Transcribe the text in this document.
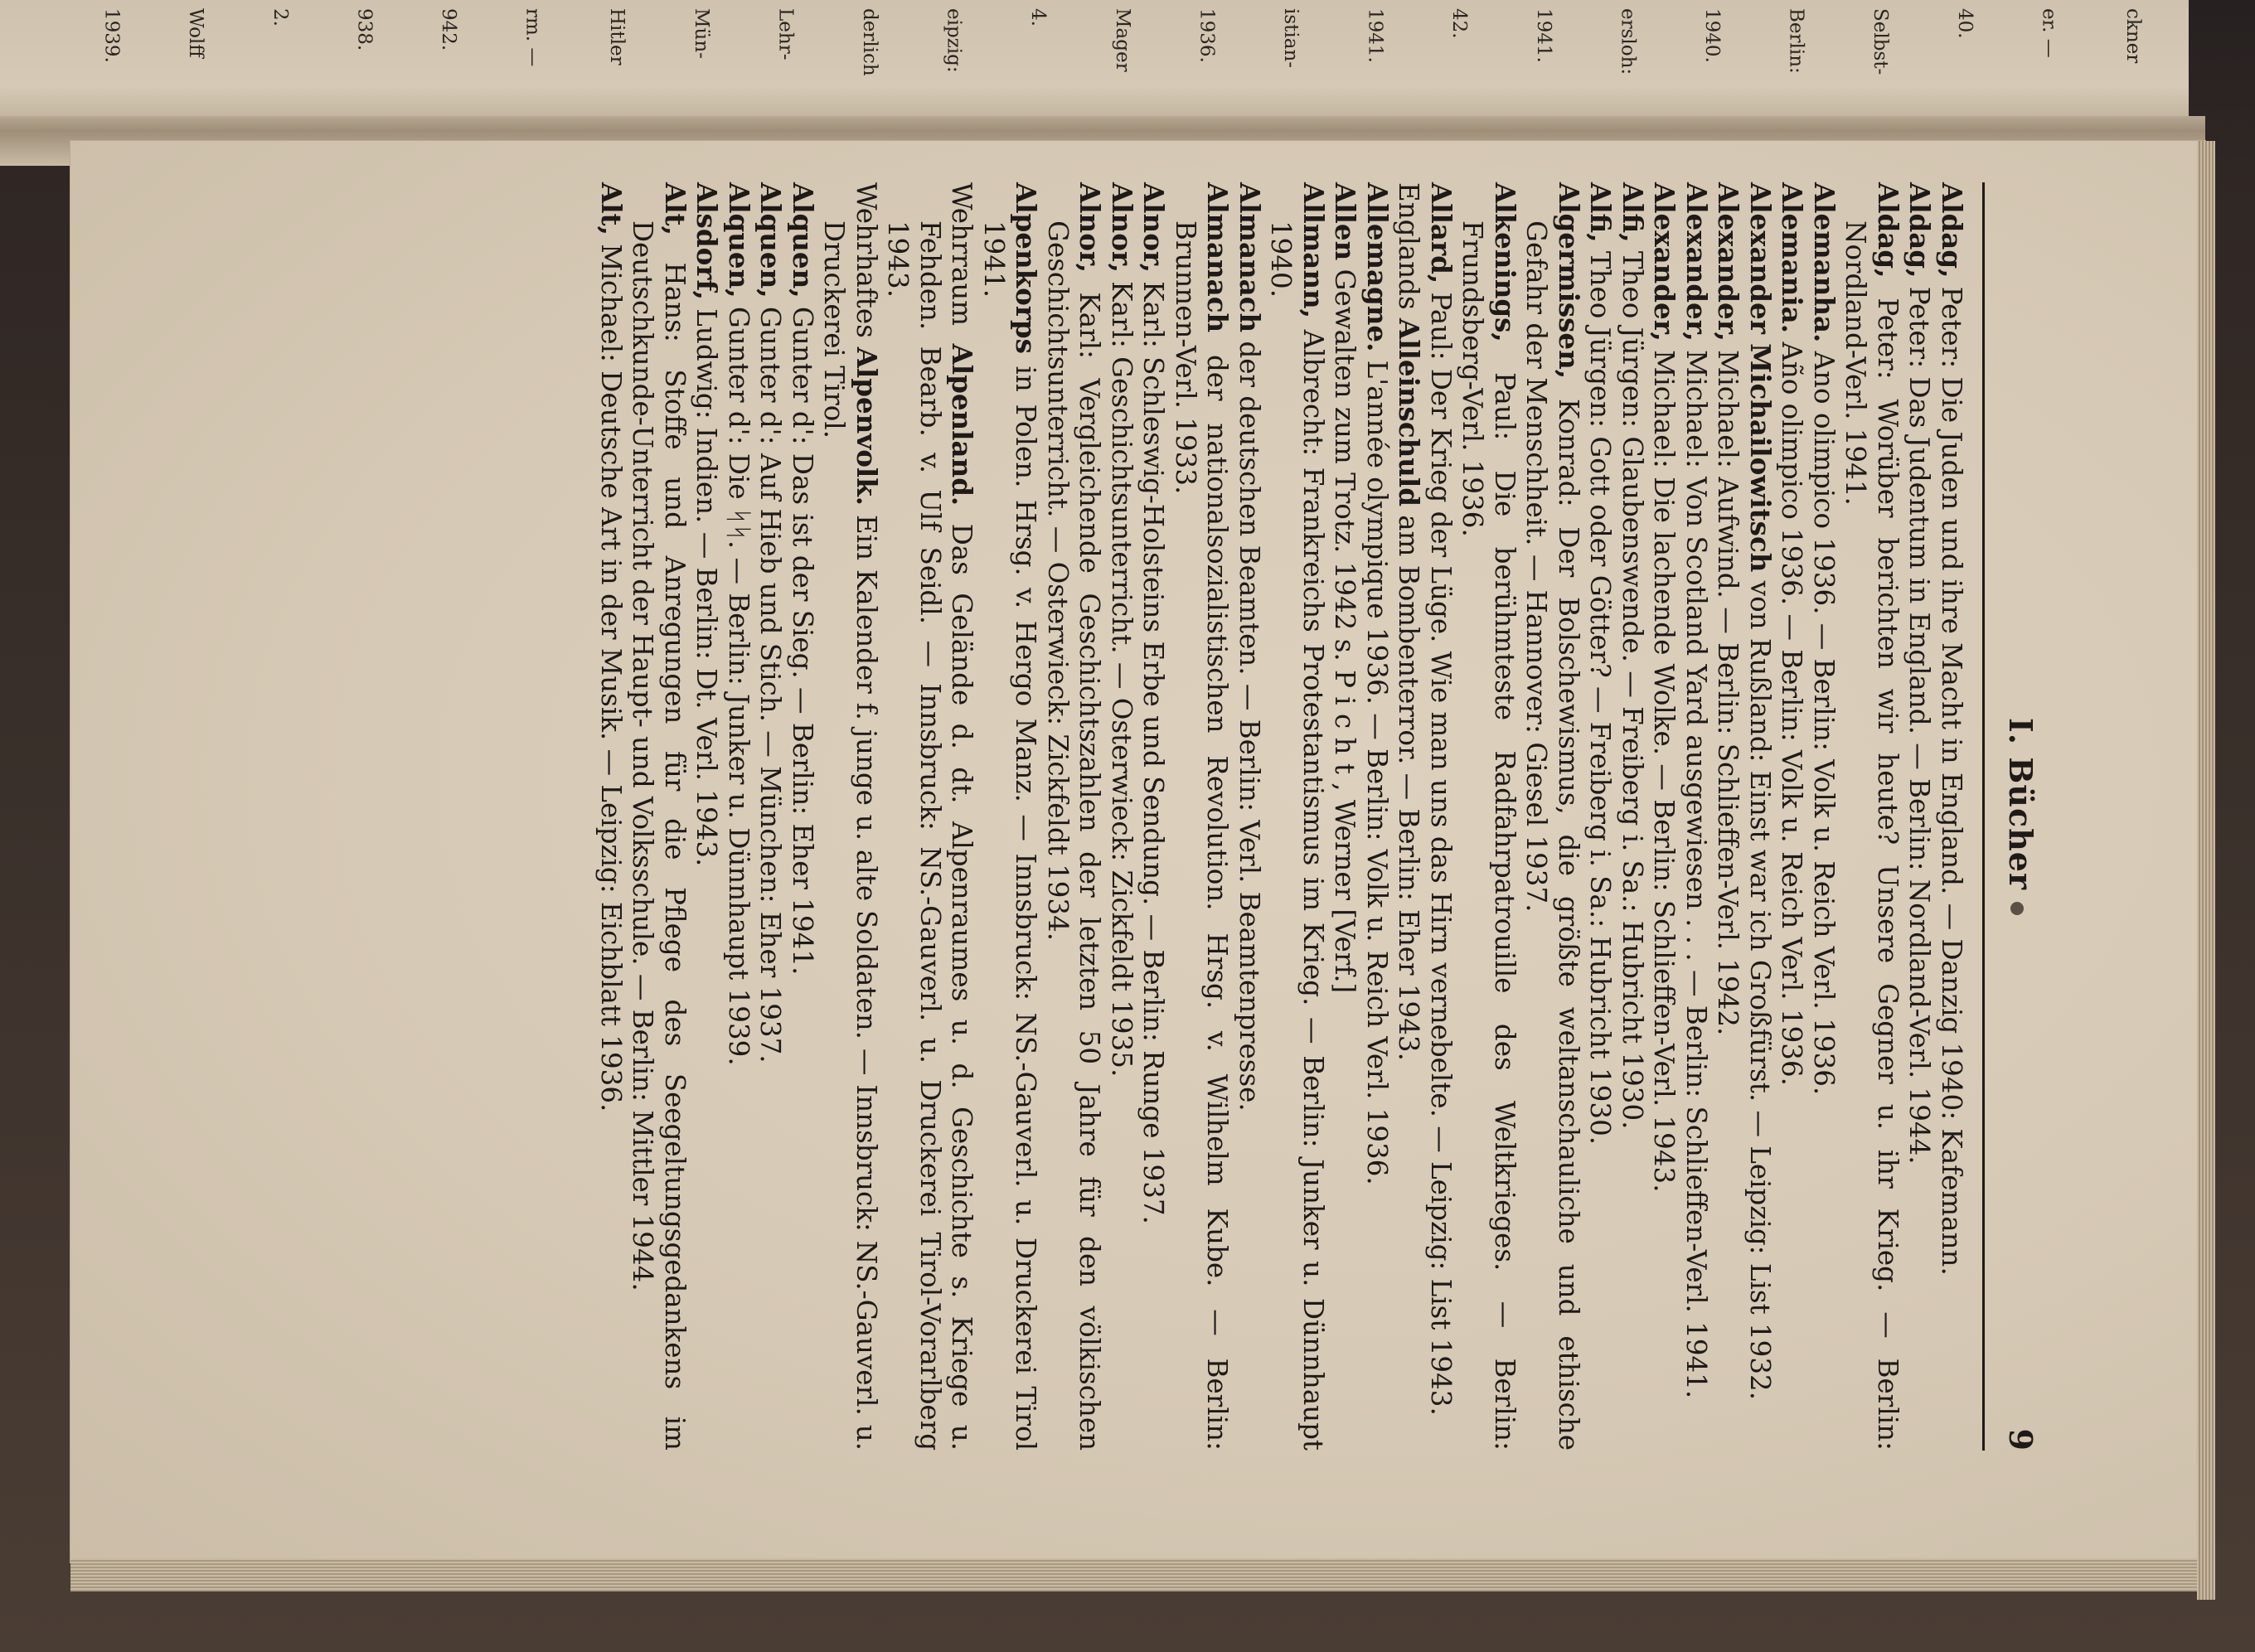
ckner
er. —
40.
Selbst-
Berlin:
1940.
ersloh:
1941.
42.
1941.
istian-
1936.
Mager
4.
eipzig:
derlich
Lehr-
Mün-
Hitler
rm. —
942.
938.
2.
Wolff
1939.
I. Bücher
9

Aldag, Peter: Die Juden und ihre Macht in England. — Danzig 1940: Kafemann.

Aldag, Peter: Das Judentum in England. — Berlin: Nordland-Verl. 1944.

Aldag, Peter: Worüber berichten wir heute? Unsere Gegner u. ihr Krieg. — Berlin: Nordland-Verl. 1941.

Alemanha. Ano olimpico 1936. — Berlin: Volk u. Reich Verl. 1936.

Alemania. Año olimpico 1936. — Berlin: Volk u. Reich Verl. 1936.

Alexander Michailowitsch von Rußland: Einst war ich Großfürst. — Leipzig: List 1932.

Alexander, Michael: Aufwind. — Berlin: Schlieffen-Verl. 1942.

Alexander, Michael: Von Scotland Yard ausgewiesen . . . — Berlin: Schlieffen-Verl. 1941.

Alexander, Michael: Die lachende Wolke. — Berlin: Schlieffen-Verl. 1943.

Alfi, Theo Jürgen: Glaubenswende. — Freiberg i. Sa.: Hubricht 1930.

Alfi, Theo Jürgen: Gott oder Götter? — Freiberg i. Sa.: Hubricht 1930.

Algermissen, Konrad: Der Bolschewismus, die größte weltanschauliche und ethische Gefahr der Menschheit. — Hannover: Giesel 1937.

Alkenings, Paul: Die berühmteste Radfahrpatrouille des Weltkrieges. — Berlin: Frundsberg-Verl. 1936.

Allard, Paul: Der Krieg der Lüge. Wie man uns das Hirn vernebelte. — Leipzig: List 1943.

Englands Alleinschuld am Bombenterror. — Berlin: Eher 1943.

Allemagne. L'année olympique 1936. — Berlin: Volk u. Reich Verl. 1936.

Allen Gewalten zum Trotz. 1942 s. P i c h t , Werner [Verf.]

Allmann, Albrecht: Frankreichs Protestantismus im Krieg. — Berlin: Junker u. Dünnhaupt 1940.

Almanach der deutschen Beamten. — Berlin: Verl. Beamtenpresse.

Almanach der nationalsozialistischen Revolution. Hrsg. v. Wilhelm Kube. — Berlin: Brunnen-Verl. 1933.

Alnor, Karl: Schleswig-Holsteins Erbe und Sendung. — Berlin: Runge 1937.

Alnor, Karl: Geschichtsunterricht. — Osterwieck: Zickfeldt 1935.

Alnor, Karl: Vergleichende Geschichtszahlen der letzten 50 Jahre für den völkischen Geschichtsunterricht. — Osterwieck: Zickfeldt 1934.

Alpenkorps in Polen. Hrsg. v. Hergo Manz. — Innsbruck: NS.-Gauverl. u. Druckerei Tirol 1941.

Wehrraum Alpenland. Das Gelände d. dt. Alpenraumes u. d. Geschichte s. Kriege u. Fehden. Bearb. v. Ulf Seidl. — Innsbruck: NS.-Gauverl. u. Druckerei Tirol-Vorarlberg 1943.

Wehrhaftes Alpenvolk. Ein Kalender f. junge u. alte Soldaten. — Innsbruck: NS.-Gauverl. u. Druckerei Tirol.

Alquen, Gunter d': Das ist der Sieg. — Berlin: Eher 1941.

Alquen, Gunter d': Auf Hieb und Stich. — München: Eher 1937.

Alquen, Gunter d': Die ᛋᛋ. — Berlin: Junker u. Dünnhaupt 1939.

Alsdorf, Ludwig: Indien. — Berlin: Dt. Verl. 1943.

Alt, Hans: Stoffe und Anregungen für die Pflege des Seegeltungsgedankens im Deutschkunde-Unterricht der Haupt- und Volksschule. — Berlin: Mittler 1944.

Alt, Michael: Deutsche Art in der Musik. — Leipzig: Eichblatt 1936.
